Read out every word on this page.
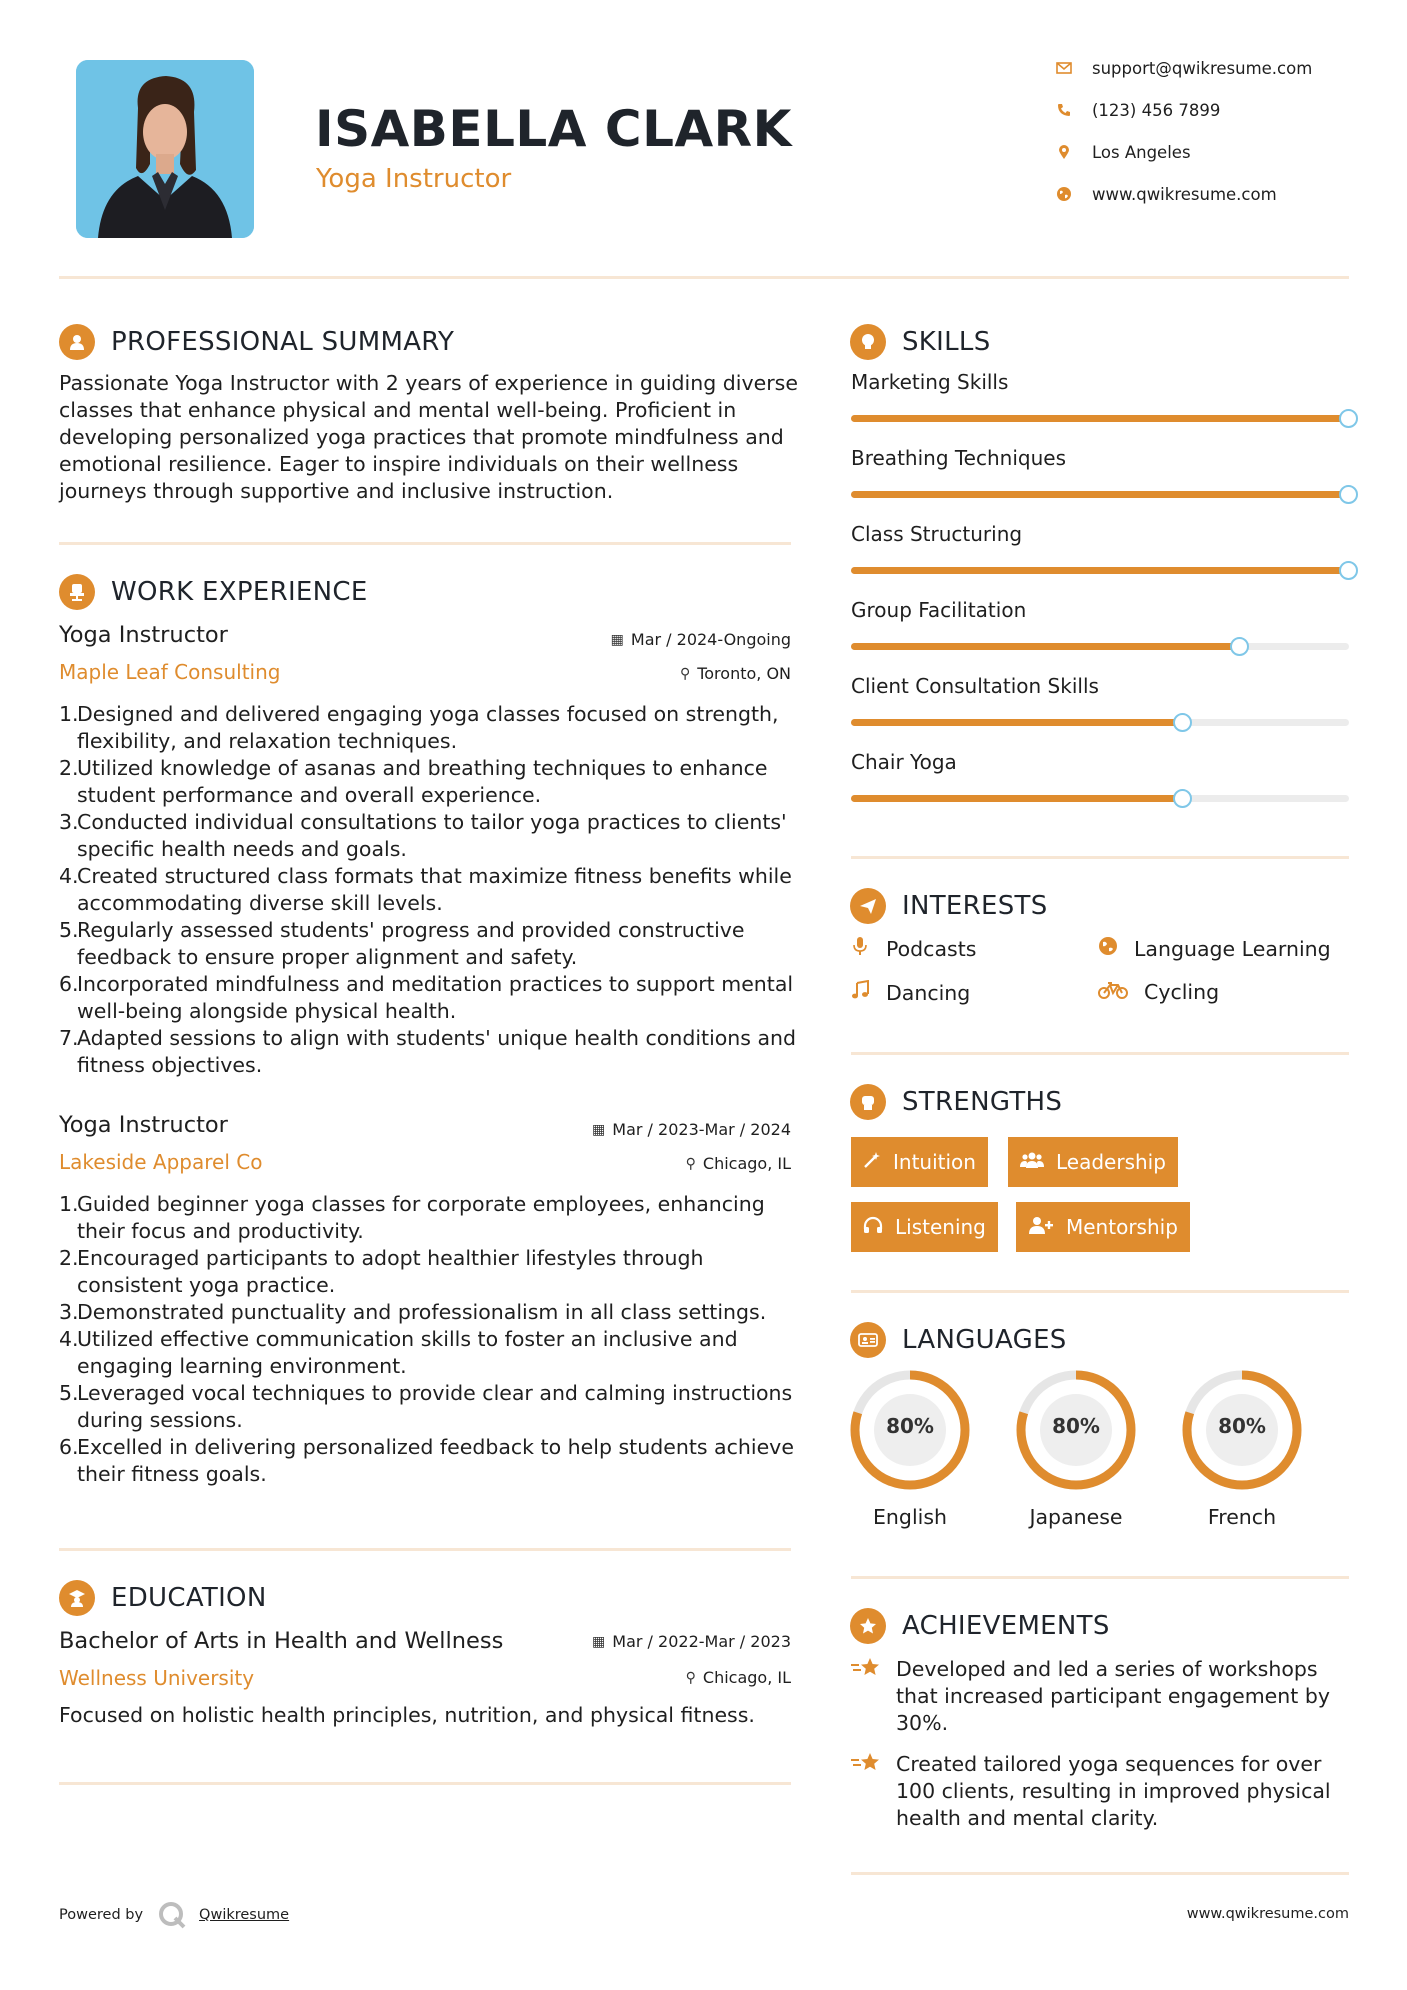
ISABELLA CLARK
Yoga Instructor
support@qwikresume.com
(123) 456 7899
Los Angeles
www.qwikresume.com
PROFESSIONAL SUMMARY
Passionate Yoga Instructor with 2 years of experience in guiding diverse classes that enhance physical and mental well-being. Proficient in developing personalized yoga practices that promote mindfulness and emotional resilience. Eager to inspire individuals on their wellness journeys through supportive and inclusive instruction.
WORK EXPERIENCE
Yoga Instructor	▦ Mar / 2024-Ongoing
Maple Leaf Consulting	⚲ Toronto, ON
1.
Designed and delivered engaging yoga classes focused on strength, flexibility, and relaxation techniques.
2.
Utilized knowledge of asanas and breathing techniques to enhance student performance and overall experience.
3.
Conducted individual consultations to tailor yoga practices to clients' specific health needs and goals.
4.
Created structured class formats that maximize fitness benefits while accommodating diverse skill levels.
5.
Regularly assessed students' progress and provided constructive feedback to ensure proper alignment and safety.
6.
Incorporated mindfulness and meditation practices to support mental well-being alongside physical health.
7.
Adapted sessions to align with students' unique health conditions and fitness objectives.
Yoga Instructor	▦ Mar / 2023-Mar / 2024
Lakeside Apparel Co	⚲ Chicago, IL
1.
Guided beginner yoga classes for corporate employees, enhancing their focus and productivity.
2.
Encouraged participants to adopt healthier lifestyles through consistent yoga practice.
3.
Demonstrated punctuality and professionalism in all class settings.
4.
Utilized effective communication skills to foster an inclusive and engaging learning environment.
5.
Leveraged vocal techniques to provide clear and calming instructions during sessions.
6.
Excelled in delivering personalized feedback to help students achieve their fitness goals.
EDUCATION
Bachelor of Arts in Health and Wellness	▦ Mar / 2022-Mar / 2023
Wellness University	⚲ Chicago, IL
Focused on holistic health principles, nutrition, and physical fitness.
SKILLS
Marketing Skills
Breathing Techniques
Class Structuring
Group Facilitation
Client Consultation Skills
Chair Yoga
INTERESTS
Podcasts	Language Learning
Dancing	Cycling
STRENGTHS
Intuition	Leadership
Listening	Mentorship
LANGUAGES
80%
English
80%
Japanese
80%
French
ACHIEVEMENTS
Developed and led a series of workshops that increased participant engagement by 30%.
Created tailored yoga sequences for over 100 clients, resulting in improved physical health and mental clarity.
Powered by	Qwikresume	www.qwikresume.com
